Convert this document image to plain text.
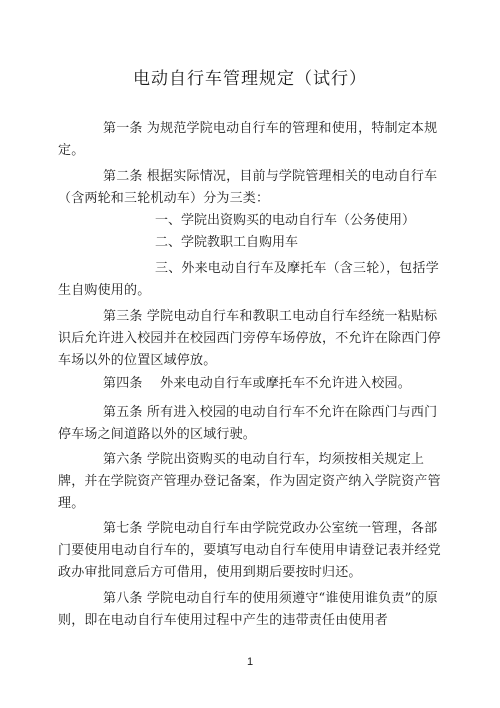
电动自行车管理规定（试行）
第一条 为规范学院电动自行车的管理和使用，特制定本规定。
第二条 根据实际情况，目前与学院管理相关的电动自行车（含两轮和三轮机动车）分为三类：
一、学院出资购买的电动自行车（公务使用）
二、学院教职工自购用车
三、外来电动自行车及摩托车（含三轮），包括学生自购使用的。
第三条 学院电动自行车和教职工电动自行车经统一粘贴标识后允许进入校园并在校园西门旁停车场停放，不允许在除西门停车场以外的位置区域停放。
第四条　 外来电动自行车或摩托车不允许进入校园。
第五条 所有进入校园的电动自行车不允许在除西门与西门停车场之间道路以外的区域行驶。
第六条 学院出资购买的电动自行车，均须按相关规定上牌，并在学院资产管理办登记备案，作为固定资产纳入学院资产管理。
第七条 学院电动自行车由学院党政办公室统一管理，各部门要使用电动自行车的，要填写电动自行车使用申请登记表并经党政办审批同意后方可借用，使用到期后要按时归还。
第八条 学院电动自行车的使用须遵守“谁使用谁负责”的原则，即在电动自行车使用过程中产生的违带责任由使用者
1
